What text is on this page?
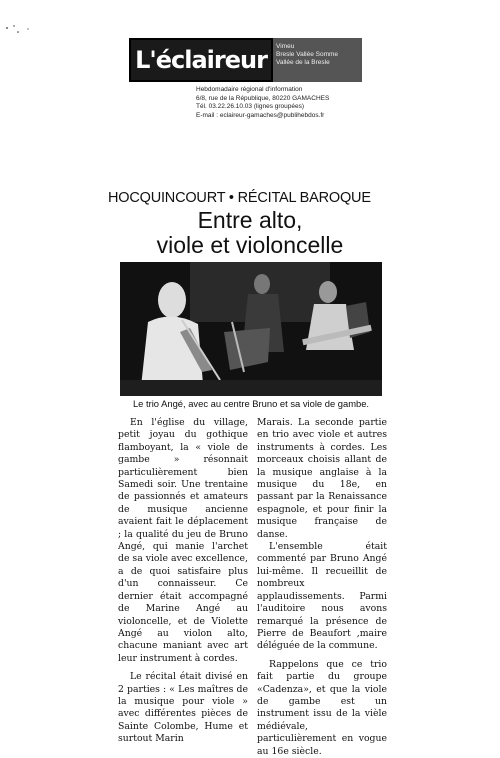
L'éclaireur	Vimeu
Bresle Vallée Somme
Vallée de la Bresle
Hebdomadaire régional d'information
6/8, rue de la République, 80220 GAMACHES
Tél. 03.22.26.10.03 (lignes groupées)
E-mail : eclaireur-gamaches@publihebdos.fr
HOCQUINCOURT • RÉCITAL BAROQUE
Entre alto,
viole et violoncelle
Le trio Angé, avec au centre Bruno et sa viole de gambe.

En l'église du village, petit joyau du gothique flamboyant, la « viole de gambe » résonnait particulièrement bien Samedi soir. Une trentaine de passionnés et amateurs de musique ancienne avaient fait le déplacement ; la qualité du jeu de Bruno Angé, qui manie l'archet de sa viole avec excellence, a de quoi satisfaire plus d'un connaisseur. Ce dernier était accompagné de Marine Angé au violoncelle, et de Violette Angé au violon alto, chacune maniant avec art leur instrument à cordes.

Le récital était divisé en 2 parties : « Les maîtres de la musique pour viole » avec différentes pièces de Sainte Colombe, Hume et surtout Marin

Marais. La seconde partie en trio avec viole et autres instruments à cordes. Les morceaux choisis allant de la musique anglaise à la musique du 18e, en passant par la Renaissance espagnole, et pour finir la musique française de danse.

L'ensemble était commenté par Bruno Angé lui-même. Il recueillit de nombreux applaudissements. Parmi l'auditoire nous avons remarqué la présence de Pierre de Beaufort ,maire déléguée de la commune.

Rappelons que ce trio fait partie du groupe «Cadenza», et que la viole de gambe est un instrument issu de la vièle médiévale, particulièrement en vogue au 16e siècle.
